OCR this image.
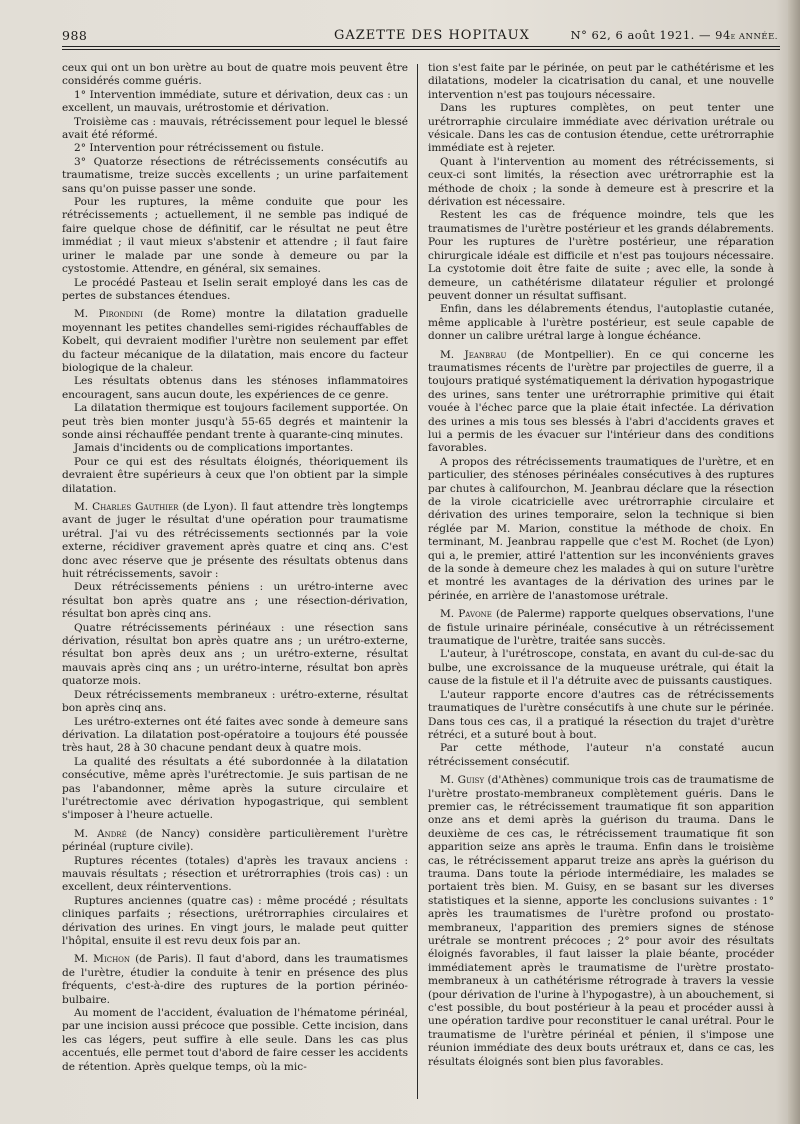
988	GAZETTE DES HOPITAUX	N° 62, 6 août 1921. — 94e ANNÉE.

ceux qui ont un bon urètre au bout de quatre mois peuvent être considérés comme guéris.

1° Intervention immédiate, suture et dérivation, deux cas : un excellent, un mauvais, urétrostomie et dérivation.

Troisième cas : mauvais, rétrécissement pour lequel le blessé avait été réformé.

2° Intervention pour rétrécissement ou fistule.

3° Quatorze résections de rétrécissements consécutifs au traumatisme, treize succès excellents ; un urine parfaitement sans qu'on puisse passer une sonde.

Pour les ruptures, la même conduite que pour les rétrécissements ; actuellement, il ne semble pas indiqué de faire quelque chose de définitif, car le résultat ne peut être immédiat ; il vaut mieux s'abstenir et attendre ; il faut faire uriner le malade par une sonde à demeure ou par la cystostomie. Attendre, en général, six semaines.

Le procédé Pasteau et Iselin serait employé dans les cas de pertes de substances étendues.

M. Pirondini (de Rome) montre la dilatation graduelle moyennant les petites chandelles semi-rigides réchauffables de Kobelt, qui devraient modifier l'urètre non seulement par effet du facteur mécanique de la dilatation, mais encore du facteur biologique de la chaleur.

Les résultats obtenus dans les sténoses inflammatoires encouragent, sans aucun doute, les expériences de ce genre.

La dilatation thermique est toujours facilement supportée. On peut très bien monter jusqu'à 55-65 degrés et maintenir la sonde ainsi réchauffée pendant trente à quarante-cinq minutes.

Jamais d'incidents ou de complications importantes.

Pour ce qui est des résultats éloignés, théoriquement ils devraient être supérieurs à ceux que l'on obtient par la simple dilatation.

M. Charles Gauthier (de Lyon). Il faut attendre très longtemps avant de juger le résultat d'une opération pour traumatisme urétral. J'ai vu des rétrécissements sectionnés par la voie externe, récidiver gravement après quatre et cinq ans. C'est donc avec réserve que je présente des résultats obtenus dans huit rétrécissements, savoir :

Deux rétrécissements péniens : un urétro-interne avec résultat bon après quatre ans ; une résection-dérivation, résultat bon après cinq ans.

Quatre rétrécissements périnéaux : une résection sans dérivation, résultat bon après quatre ans ; un urétro-externe, résultat bon après deux ans ; un urétro-externe, résultat mauvais après cinq ans ; un urétro-interne, résultat bon après quatorze mois.

Deux rétrécissements membraneux : urétro-externe, résultat bon après cinq ans.

Les urétro-externes ont été faites avec sonde à demeure sans dérivation. La dilatation post-opératoire a toujours été poussée très haut, 28 à 30 chacune pendant deux à quatre mois.

La qualité des résultats a été subordonnée à la dilatation consécutive, même après l'urétrectomie. Je suis partisan de ne pas l'abandonner, même après la suture circulaire et l'urétrectomie avec dérivation hypogastrique, qui semblent s'imposer à l'heure actuelle.

M. André (de Nancy) considère particulièrement l'urètre périnéal (rupture civile).

Ruptures récentes (totales) d'après les travaux anciens : mauvais résultats ; résection et urétrorraphies (trois cas) : un excellent, deux réinterventions.

Ruptures anciennes (quatre cas) : même procédé ; résultats cliniques parfaits ; résections, urétrorraphies circulaires et dérivation des urines. En vingt jours, le malade peut quitter l'hôpital, ensuite il est revu deux fois par an.

M. Michon (de Paris). Il faut d'abord, dans les traumatismes de l'urètre, étudier la conduite à tenir en présence des plus fréquents, c'est-à-dire des ruptures de la portion périnéo-bulbaire.

Au moment de l'accident, évaluation de l'hématome périnéal, par une incision aussi précoce que possible. Cette incision, dans les cas légers, peut suffire à elle seule. Dans les cas plus accentués, elle permet tout d'abord de faire cesser les accidents de rétention. Après quelque temps, où la mic-

tion s'est faite par le périnée, on peut par le cathétérisme et les dilatations, modeler la cicatrisation du canal, et une nouvelle intervention n'est pas toujours nécessaire.

Dans les ruptures complètes, on peut tenter une urétrorraphie circulaire immédiate avec dérivation urétrale ou vésicale. Dans les cas de contusion étendue, cette urétrorraphie immédiate est à rejeter.

Quant à l'intervention au moment des rétrécissements, si ceux-ci sont limités, la résection avec urétrorraphie est la méthode de choix ; la sonde à demeure est à prescrire et la dérivation est nécessaire.

Restent les cas de fréquence moindre, tels que les traumatismes de l'urètre postérieur et les grands délabrements. Pour les ruptures de l'urètre postérieur, une réparation chirurgicale idéale est difficile et n'est pas toujours nécessaire. La cystotomie doit être faite de suite ; avec elle, la sonde à demeure, un cathétérisme dilatateur régulier et prolongé peuvent donner un résultat suffisant.

Enfin, dans les délabrements étendus, l'autoplastie cutanée, même applicable à l'urètre postérieur, est seule capable de donner un calibre urétral large à longue échéance.

M. Jeanbrau (de Montpellier). En ce qui concerne les traumatismes récents de l'urètre par projectiles de guerre, il a toujours pratiqué systématiquement la dérivation hypogastrique des urines, sans tenter une urétrorraphie primitive qui était vouée à l'échec parce que la plaie était infectée. La dérivation des urines a mis tous ses blessés à l'abri d'accidents graves et lui a permis de les évacuer sur l'intérieur dans des conditions favorables.

A propos des rétrécissements traumatiques de l'urètre, et en particulier, des sténoses périnéales consécutives à des ruptures par chutes à califourchon, M. Jeanbrau déclare que la résection de la virole cicatricielle avec urétrorraphie circulaire et dérivation des urines temporaire, selon la technique si bien réglée par M. Marion, constitue la méthode de choix. En terminant, M. Jeanbrau rappelle que c'est M. Rochet (de Lyon) qui a, le premier, attiré l'attention sur les inconvénients graves de la sonde à demeure chez les malades à qui on suture l'urètre et montré les avantages de la dérivation des urines par le périnée, en arrière de l'anastomose urétrale.

M. Pavone (de Palerme) rapporte quelques observations, l'une de fistule urinaire périnéale, consécutive à un rétrécissement traumatique de l'urètre, traitée sans succès.

L'auteur, à l'urétroscope, constata, en avant du cul-de-sac du bulbe, une excroissance de la muqueuse urétrale, qui était la cause de la fistule et il l'a détruite avec de puissants caustiques.

L'auteur rapporte encore d'autres cas de rétrécissements traumatiques de l'urètre consécutifs à une chute sur le périnée. Dans tous ces cas, il a pratiqué la résection du trajet d'urètre rétréci, et a suturé bout à bout.

Par cette méthode, l'auteur n'a constaté aucun rétrécissement consécutif.

M. Guisy (d'Athènes) communique trois cas de traumatisme de l'urètre prostato-membraneux complètement guéris. Dans le premier cas, le rétrécissement traumatique fit son apparition onze ans et demi après la guérison du trauma. Dans le deuxième de ces cas, le rétrécissement traumatique fit son apparition seize ans après le trauma. Enfin dans le troisième cas, le rétrécissement apparut treize ans après la guérison du trauma. Dans toute la période intermédiaire, les malades se portaient très bien. M. Guisy, en se basant sur les diverses statistiques et la sienne, apporte les conclusions suivantes : 1° après les traumatismes de l'urètre profond ou prostato-membraneux, l'apparition des premiers signes de sténose urétrale se montrent précoces ; 2° pour avoir des résultats éloignés favorables, il faut laisser la plaie béante, procéder immédiatement après le traumatisme de l'urètre prostato-membraneux à un cathétérisme rétrograde à travers la vessie (pour dérivation de l'urine à l'hypogastre), à un abouchement, si c'est possible, du bout postérieur à la peau et procéder aussi à une opération tardive pour reconstituer le canal urétral. Pour le traumatisme de l'urètre périnéal et pénien, il s'impose une réunion immédiate des deux bouts urétraux et, dans ce cas, les résultats éloignés sont bien plus favorables.
